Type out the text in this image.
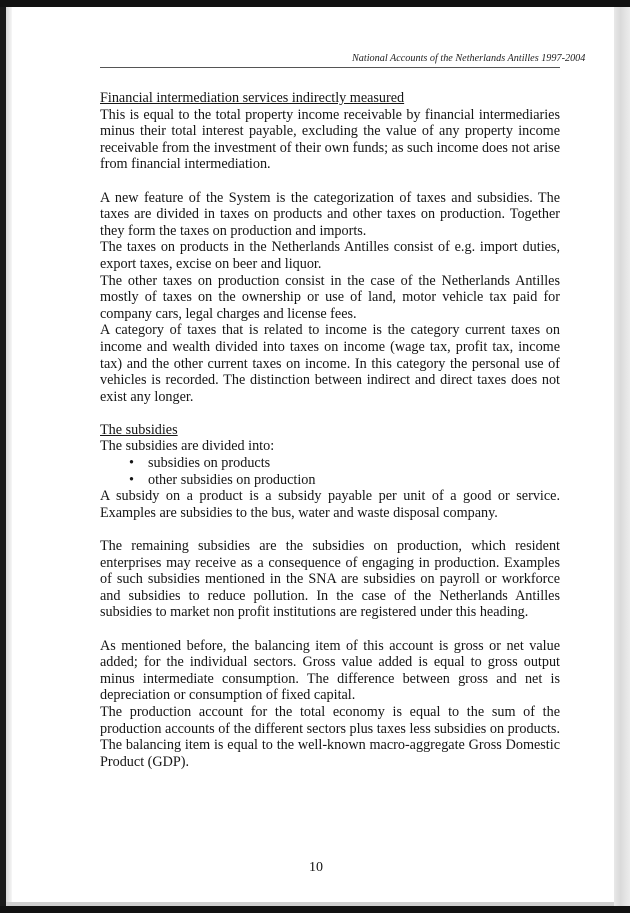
National Accounts of the Netherlands Antilles 1997-2004

Financial intermediation services indirectly measured

This is equal to the total property income receivable by financial intermediaries minus their total interest payable, excluding the value of any property income receivable from the investment of their own funds; as such income does not arise from financial intermediation.

A new feature of the System is the categorization of taxes and subsidies. The taxes are divided in taxes on products and other taxes on production. Together they form the taxes on production and imports.

The taxes on products in the Netherlands Antilles consist of e.g. import duties, export taxes, excise on beer and liquor.

The other taxes on production consist in the case of the Netherlands Antilles mostly of taxes on the ownership or use of land, motor vehicle tax paid for company cars, legal charges and license fees.

A category of taxes that is related to income is the category current taxes on income and wealth divided into taxes on income (wage tax, profit tax, income tax) and the other current taxes on income. In this category the personal use of vehicles is recorded. The distinction between indirect and direct taxes does not exist any longer.

The subsidies

The subsidies are divided into:

• subsidies on products
• other subsidies on production

A subsidy on a product is a subsidy payable per unit of a good or service. Examples are subsidies to the bus, water and waste disposal company.

The remaining subsidies are the subsidies on production, which resident enterprises may receive as a consequence of engaging in production. Examples of such subsidies mentioned in the SNA are subsidies on payroll or workforce and subsidies to reduce pollution. In the case of the Netherlands Antilles subsidies to market non profit institutions are registered under this heading.

As mentioned before, the balancing item of this account is gross or net value added; for the individual sectors. Gross value added is equal to gross output minus intermediate consumption. The difference between gross and net is depreciation or consumption of fixed capital.

The production account for the total economy is equal to the sum of the production accounts of the different sectors plus taxes less subsidies on products. The balancing item is equal to the well-known macro-aggregate Gross Domestic Product (GDP).

10
